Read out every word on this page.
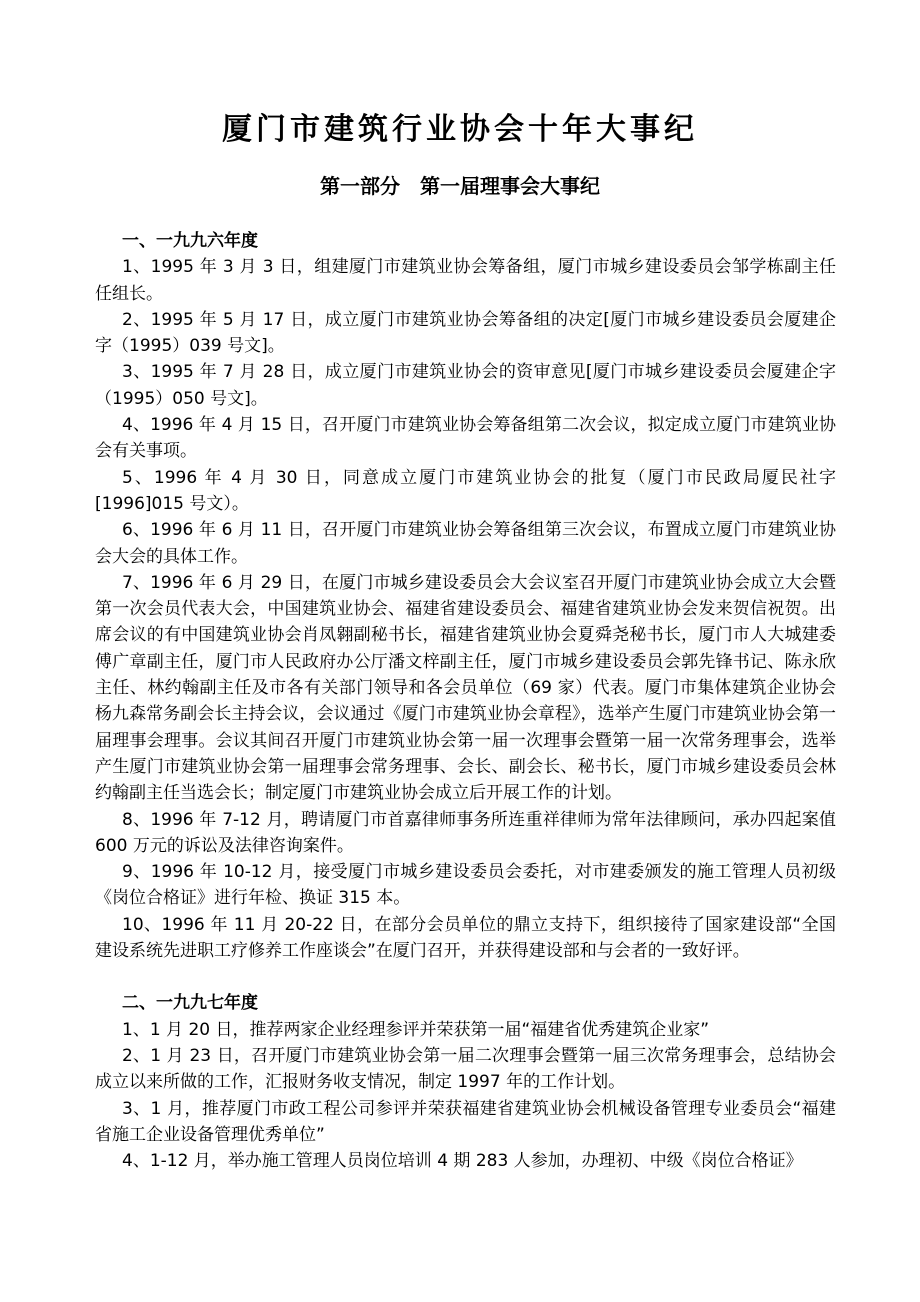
厦门市建筑行业协会十年大事纪
第一部分　第一届理事会大事纪

一、一九九六年度

1、1995 年 3 月 3 日，组建厦门市建筑业协会筹备组，厦门市城乡建设委员会邹学栋副主任任组长。

2、1995 年 5 月 17 日，成立厦门市建筑业协会筹备组的决定[厦门市城乡建设委员会厦建企字（1995）039 号文]。

3、1995 年 7 月 28 日，成立厦门市建筑业协会的资审意见[厦门市城乡建设委员会厦建企字（1995）050 号文]。

4、1996 年 4 月 15 日，召开厦门市建筑业协会筹备组第二次会议，拟定成立厦门市建筑业协会有关事项。

5、1996 年 4 月 30 日，同意成立厦门市建筑业协会的批复（厦门市民政局厦民社字[1996]015 号文）。

6、1996 年 6 月 11 日，召开厦门市建筑业协会筹备组第三次会议，布置成立厦门市建筑业协会大会的具体工作。

7、1996 年 6 月 29 日，在厦门市城乡建设委员会大会议室召开厦门市建筑业协会成立大会暨第一次会员代表大会，中国建筑业协会、福建省建设委员会、福建省建筑业协会发来贺信祝贺。出席会议的有中国建筑业协会肖凤翱副秘书长，福建省建筑业协会夏舜尧秘书长，厦门市人大城建委傅广章副主任，厦门市人民政府办公厅潘文梓副主任，厦门市城乡建设委员会郭先锋书记、陈永欣主任、林约翰副主任及市各有关部门领导和各会员单位（69 家）代表。厦门市集体建筑企业协会杨九森常务副会长主持会议，会议通过《厦门市建筑业协会章程》，选举产生厦门市建筑业协会第一届理事会理事。会议其间召开厦门市建筑业协会第一届一次理事会暨第一届一次常务理事会，选举产生厦门市建筑业协会第一届理事会常务理事、会长、副会长、秘书长，厦门市城乡建设委员会林约翰副主任当选会长；制定厦门市建筑业协会成立后开展工作的计划。

8、1996 年 7-12 月，聘请厦门市首嘉律师事务所连重祥律师为常年法律顾问，承办四起案值 600 万元的诉讼及法律咨询案件。

9、1996 年 10-12 月，接受厦门市城乡建设委员会委托，对市建委颁发的施工管理人员初级《岗位合格证》进行年检、换证 315 本。

10、1996 年 11 月 20-22 日，在部分会员单位的鼎立支持下，组织接待了国家建设部“全国建设系统先进职工疗修养工作座谈会”在厦门召开，并获得建设部和与会者的一致好评。

二、一九九七年度

1、1 月 20 日，推荐两家企业经理参评并荣获第一届“福建省优秀建筑企业家”

2、1 月 23 日，召开厦门市建筑业协会第一届二次理事会暨第一届三次常务理事会，总结协会成立以来所做的工作，汇报财务收支情况，制定 1997 年的工作计划。

3、1 月，推荐厦门市政工程公司参评并荣获福建省建筑业协会机械设备管理专业委员会“福建省施工企业设备管理优秀单位”

4、1-12 月，举办施工管理人员岗位培训 4 期 283 人参加，办理初、中级《岗位合格证》
